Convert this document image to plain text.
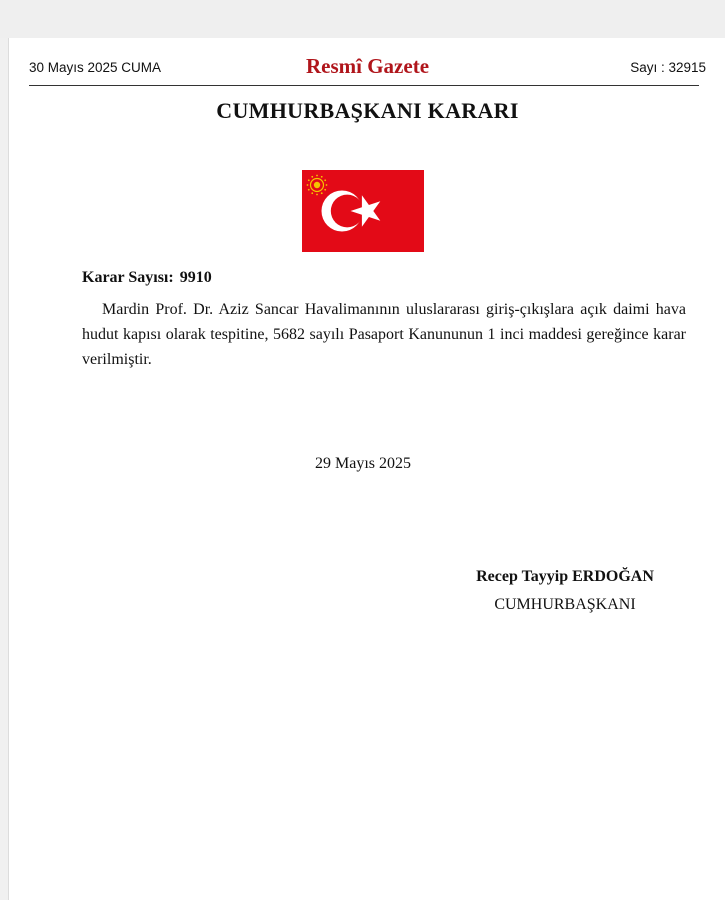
30 Mayıs 2025 CUMA	Resmî Gazete	Sayı : 32915
CUMHURBAŞKANI KARARI
Karar Sayısı: 9910
Mardin Prof. Dr. Aziz Sancar Havalimanının uluslararası giriş-çıkışlara açık daimi hava hudut kapısı olarak tespitine, 5682 sayılı Pasaport Kanununun 1 inci maddesi gereğince karar verilmiştir.
29 Mayıs 2025
Recep Tayyip ERDOĞAN
CUMHURBAŞKANI
